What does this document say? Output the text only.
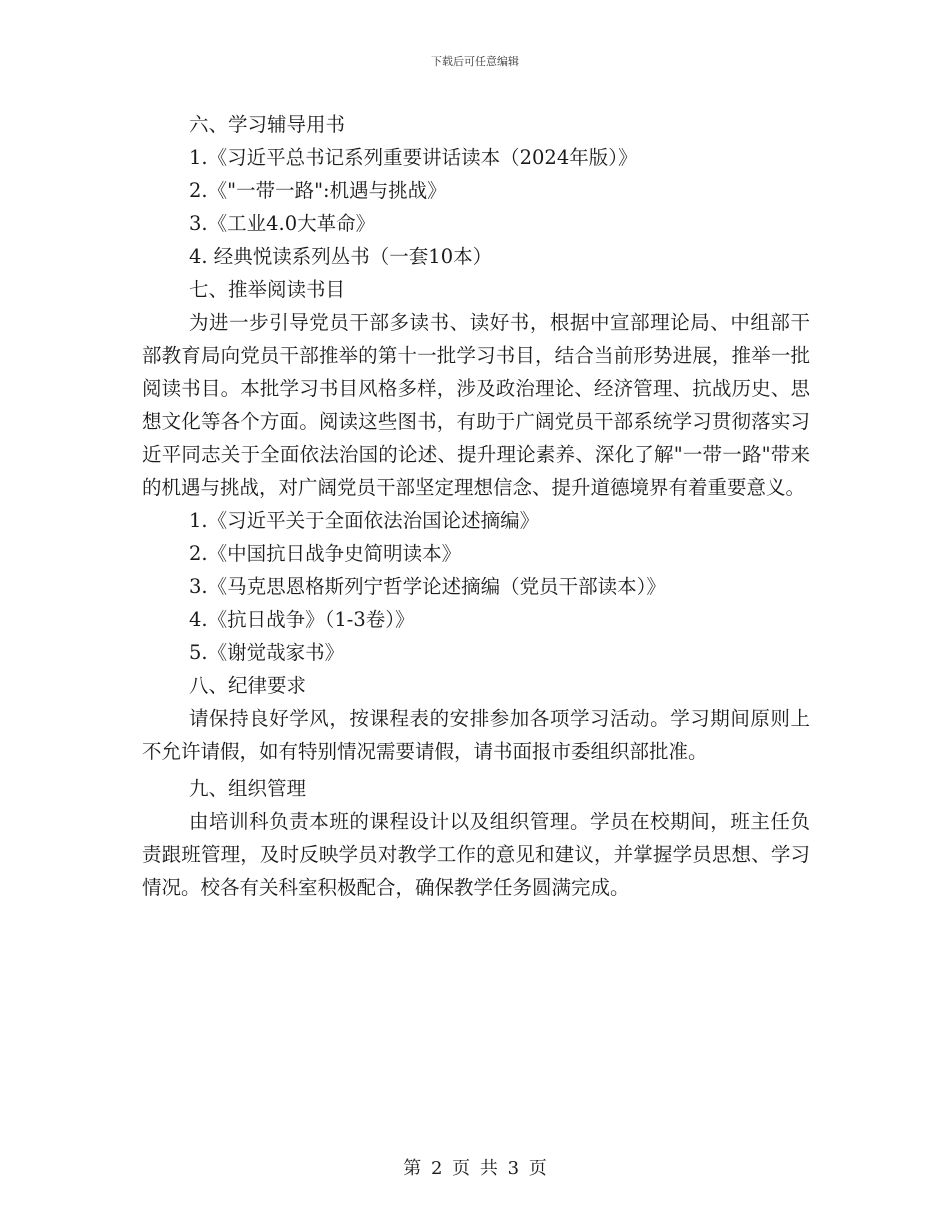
下载后可任意编辑

六、学习辅导用书

1.《习近平总书记系列重要讲话读本（2024年版）》

2.《"一带一路":机遇与挑战》

3.《工业4.0大革命》

4. 经典悦读系列丛书（一套10本）

七、推举阅读书目

为进一步引导党员干部多读书、读好书，根据中宣部理论局、中组部干部教育局向党员干部推举的第十一批学习书目，结合当前形势进展，推举一批阅读书目。本批学习书目风格多样，涉及政治理论、经济管理、抗战历史、思想文化等各个方面。阅读这些图书，有助于广阔党员干部系统学习贯彻落实习近平同志关于全面依法治国的论述、提升理论素养、深化了解"一带一路"带来的机遇与挑战，对广阔党员干部坚定理想信念、提升道德境界有着重要意义。

1.《习近平关于全面依法治国论述摘编》

2.《中国抗日战争史简明读本》

3.《马克思恩格斯列宁哲学论述摘编（党员干部读本）》

4.《抗日战争》（1-3卷）》

5.《谢觉哉家书》

八、纪律要求

请保持良好学风，按课程表的安排参加各项学习活动。学习期间原则上不允许请假，如有特别情况需要请假，请书面报市委组织部批准。

九、组织管理

由培训科负责本班的课程设计以及组织管理。学员在校期间，班主任负责跟班管理，及时反映学员对教学工作的意见和建议，并掌握学员思想、学习情况。校各有关科室积极配合，确保教学任务圆满完成。

第 2 页 共 3 页
